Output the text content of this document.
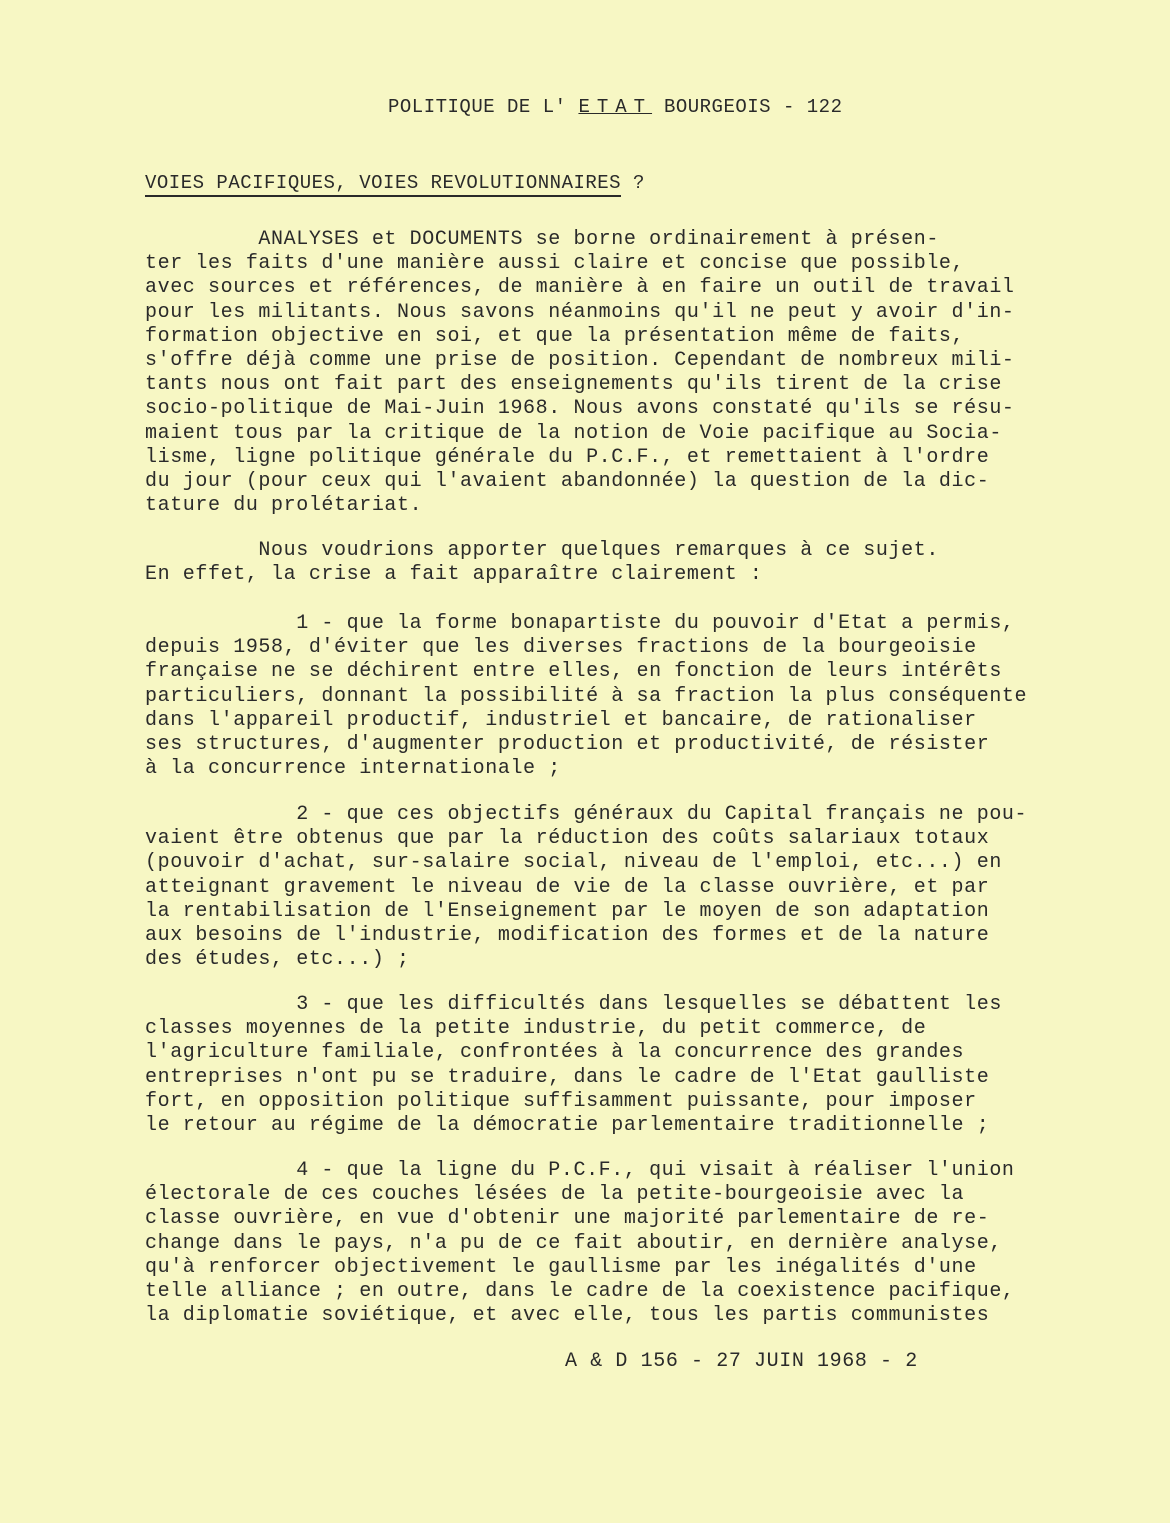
POLITIQUE DE L' ETAT BOURGEOIS - 122
VOIES PACIFIQUES, VOIES REVOLUTIONNAIRES ?
ANALYSES et DOCUMENTS se borne ordinairement à présen-
ter les faits d'une manière aussi claire et concise que possible,
avec sources et références, de manière à en faire un outil de travail
pour les militants. Nous savons néanmoins qu'il ne peut y avoir d'in-
formation objective en soi, et que la présentation même de faits,
s'offre déjà comme une prise de position. Cependant de nombreux mili-
tants nous ont fait part des enseignements qu'ils tirent de la crise
socio-politique de Mai-Juin 1968. Nous avons constaté qu'ils se résu-
maient tous par la critique de la notion de Voie pacifique au Socia-
lisme, ligne politique générale du P.C.F., et remettaient à l'ordre
du jour (pour ceux qui l'avaient abandonnée) la question de la dic-
tature du prolétariat.
Nous voudrions apporter quelques remarques à ce sujet.
En effet, la crise a fait apparaître clairement :
1 - que la forme bonapartiste du pouvoir d'Etat a permis,
depuis 1958, d'éviter que les diverses fractions de la bourgeoisie
française ne se déchirent entre elles, en fonction de leurs intérêts
particuliers, donnant la possibilité à sa fraction la plus conséquente
dans l'appareil productif, industriel et bancaire, de rationaliser
ses structures, d'augmenter production et productivité, de résister
à la concurrence internationale ;
2 - que ces objectifs généraux du Capital français ne pou-
vaient être obtenus que par la réduction des coûts salariaux totaux
(pouvoir d'achat, sur-salaire social, niveau de l'emploi, etc...) en
atteignant gravement le niveau de vie de la classe ouvrière, et par
la rentabilisation de l'Enseignement par le moyen de son adaptation
aux besoins de l'industrie, modification des formes et de la nature
des études, etc...) ;
3 - que les difficultés dans lesquelles se débattent les
classes moyennes de la petite industrie, du petit commerce, de
l'agriculture familiale, confrontées à la concurrence des grandes
entreprises n'ont pu se traduire, dans le cadre de l'Etat gaulliste
fort, en opposition politique suffisamment puissante, pour imposer
le retour au régime de la démocratie parlementaire traditionnelle ;
4 - que la ligne du P.C.F., qui visait à réaliser l'union
électorale de ces couches lésées de la petite-bourgeoisie avec la
classe ouvrière, en vue d'obtenir une majorité parlementaire de re-
change dans le pays, n'a pu de ce fait aboutir, en dernière analyse,
qu'à renforcer objectivement le gaullisme par les inégalités d'une
telle alliance ; en outre, dans le cadre de la coexistence pacifique,
la diplomatie soviétique, et avec elle, tous les partis communistes
A & D 156 - 27 JUIN 1968 - 2
